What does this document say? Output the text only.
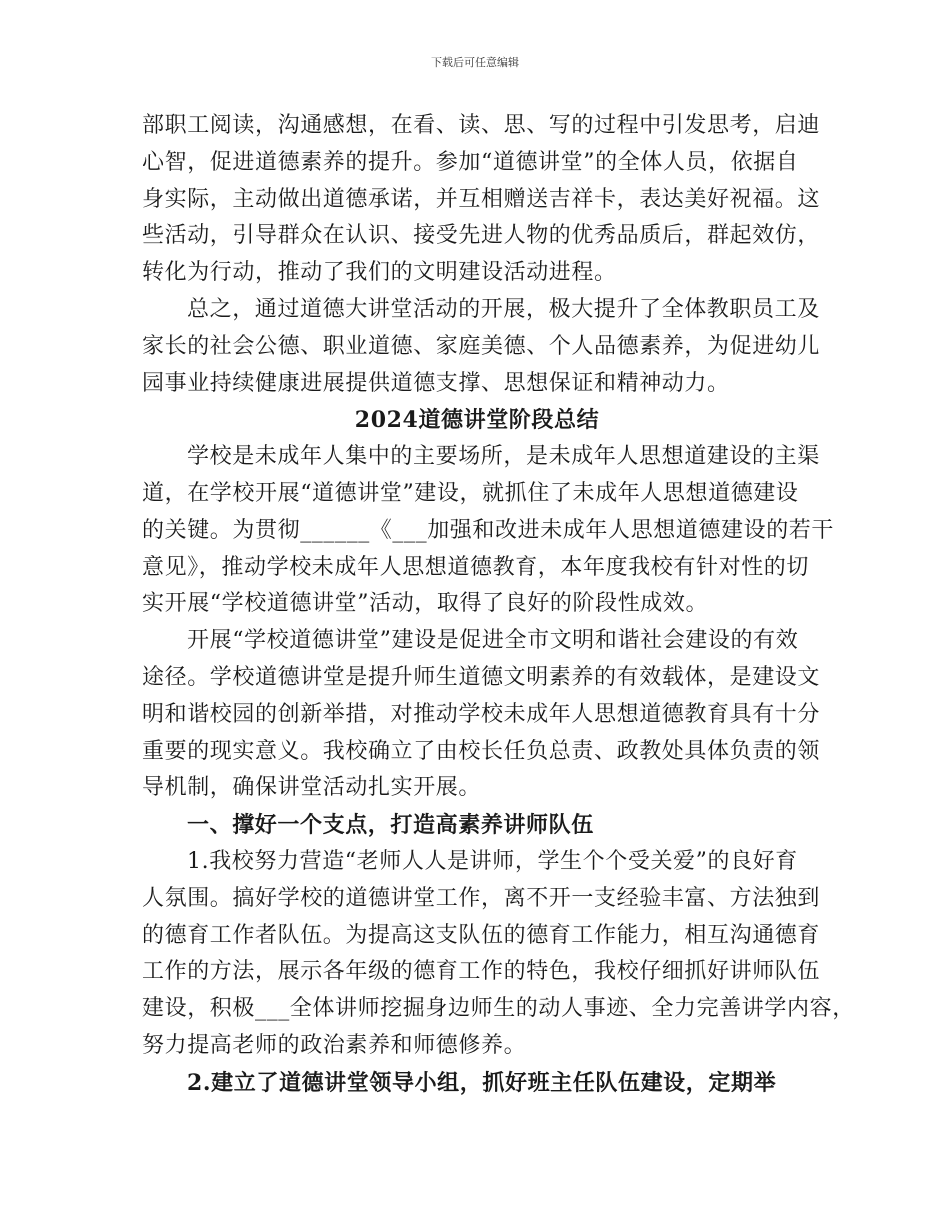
下载后可任意编辑
部职工阅读，沟通感想，在看、读、思、写的过程中引发思考，启迪
心智，促进道德素养的提升。参加“道德讲堂”的全体人员，依据自
身实际，主动做出道德承诺，并互相赠送吉祥卡，表达美好祝福。这
些活动，引导群众在认识、接受先进人物的优秀品质后，群起效仿，
转化为行动，推动了我们的文明建设活动进程。
总之，通过道德大讲堂活动的开展，极大提升了全体教职员工及
家长的社会公德、职业道德、家庭美德、个人品德素养，为促进幼儿
园事业持续健康进展提供道德支撑、思想保证和精神动力。
2024道德讲堂阶段总结
学校是未成年人集中的主要场所，是未成年人思想道建设的主渠
道，在学校开展“道德讲堂”建设，就抓住了未成年人思想道德建设
的关键。为贯彻______《___加强和改进未成年人思想道德建设的若干
意见》，推动学校未成年人思想道德教育，本年度我校有针对性的切
实开展“学校道德讲堂”活动，取得了良好的阶段性成效。
开展“学校道德讲堂”建设是促进全市文明和谐社会建设的有效
途径。学校道德讲堂是提升师生道德文明素养的有效载体，是建设文
明和谐校园的创新举措，对推动学校未成年人思想道德教育具有十分
重要的现实意义。我校确立了由校长任负总责、政教处具体负责的领
导机制，确保讲堂活动扎实开展。
一、撑好一个支点，打造高素养讲师队伍
1.我校努力营造“老师人人是讲师，学生个个受关爱”的良好育
人氛围。搞好学校的道德讲堂工作，离不开一支经验丰富、方法独到
的德育工作者队伍。为提高这支队伍的德育工作能力，相互沟通德育
工作的方法，展示各年级的德育工作的特色，我校仔细抓好讲师队伍
建设，积极___全体讲师挖掘身边师生的动人事迹、全力完善讲学内容，
努力提高老师的政治素养和师德修养。
2.建立了道德讲堂领导小组，抓好班主任队伍建设，定期举
